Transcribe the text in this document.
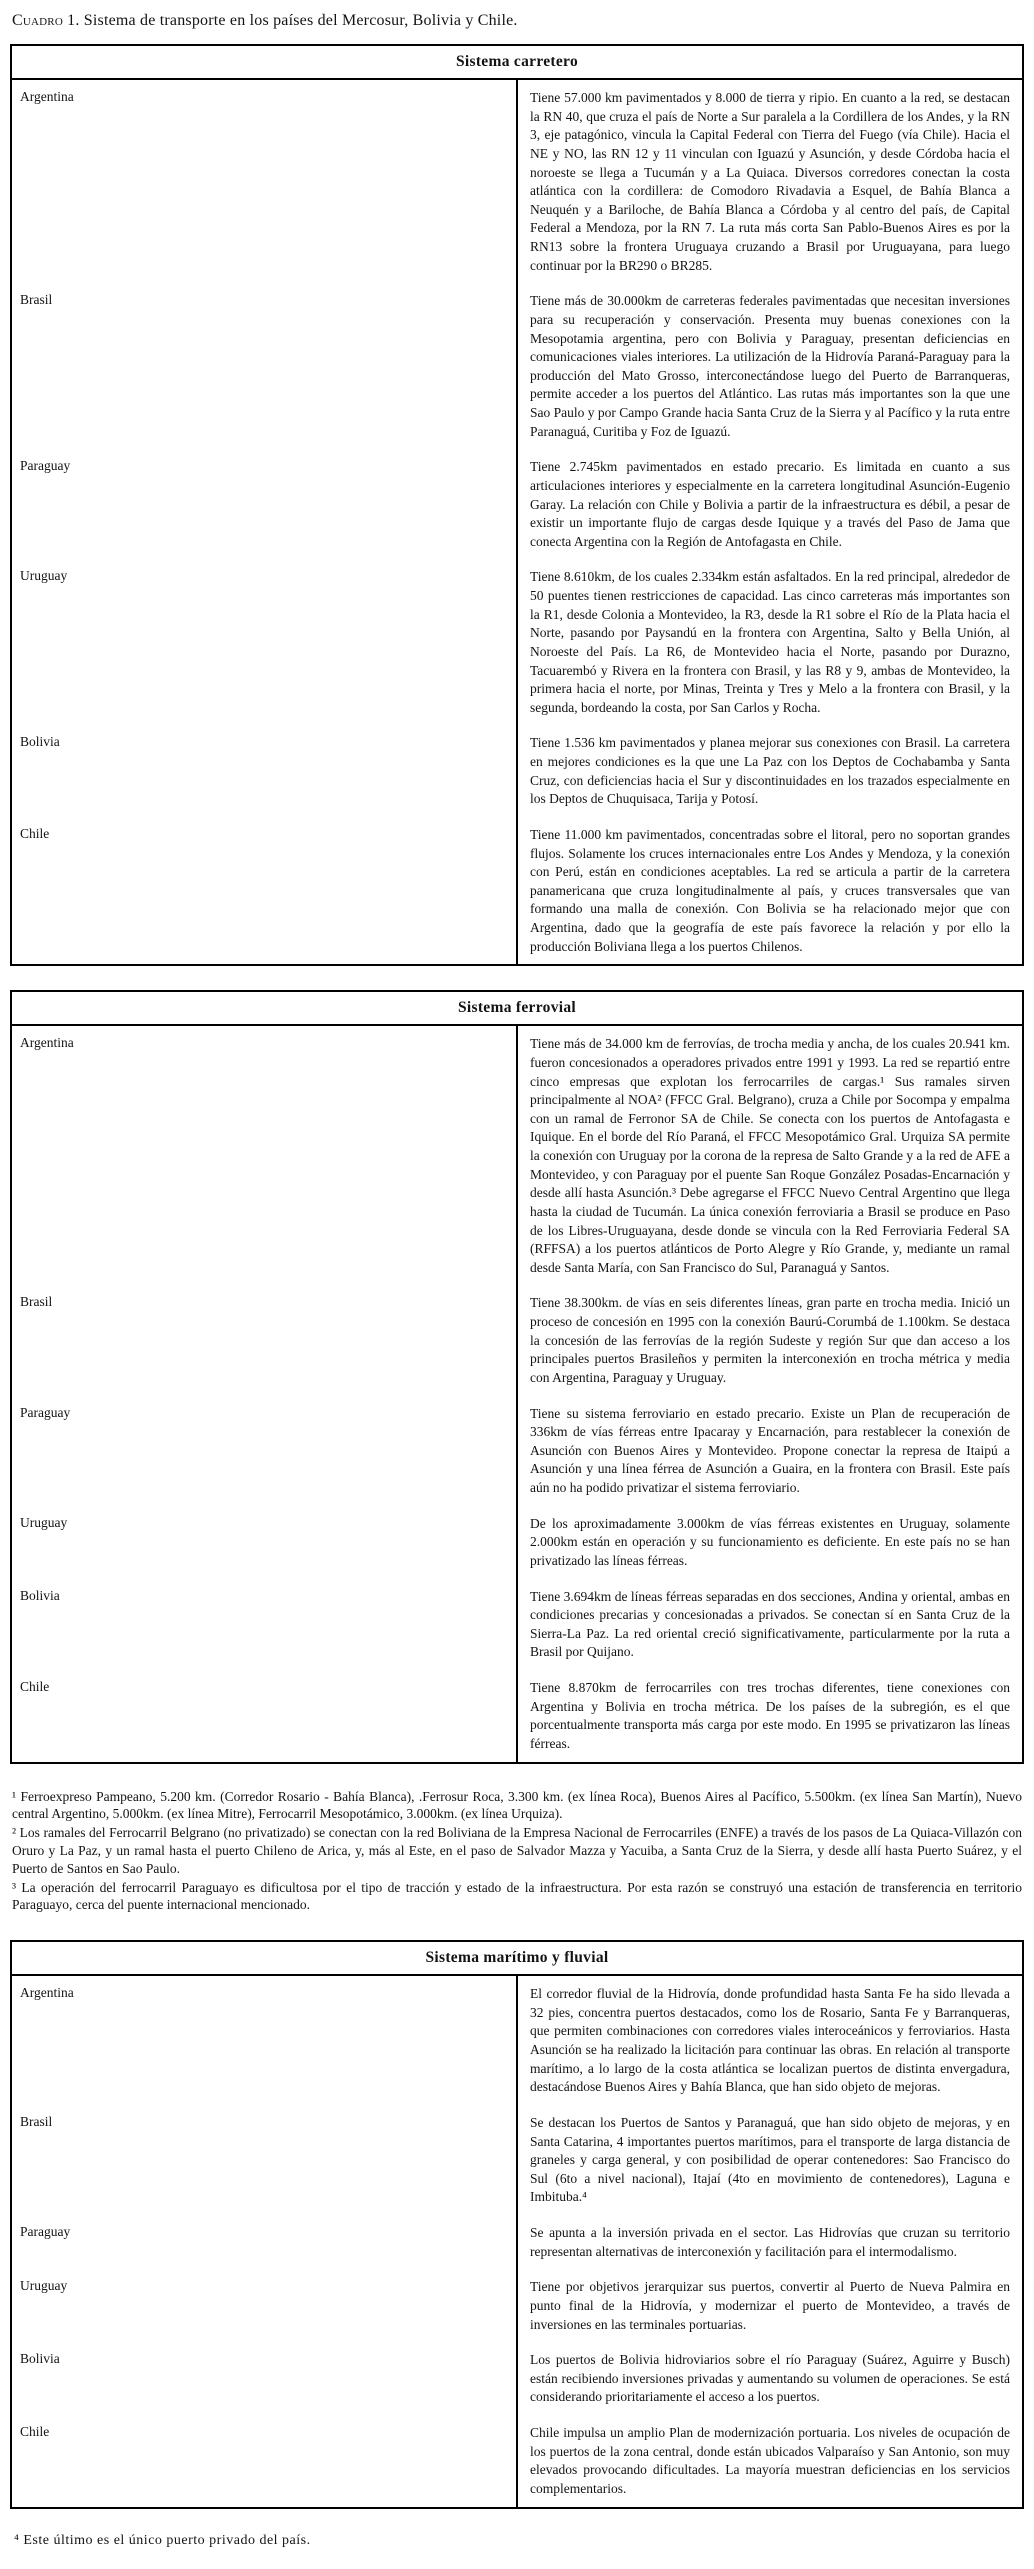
Cuadro 1. Sistema de transporte en los países del Mercosur, Bolivia y Chile.
Sistema carretero	
Argentina	Tiene 57.000 km pavimentados y 8.000 de tierra y ripio. En cuanto a la red, se destacan la RN 40, que cruza el país de Norte a Sur paralela a la Cordillera de los Andes, y la RN 3, eje patagónico, vincula la Capital Federal con Tierra del Fuego (vía Chile). Hacia el NE y NO, las RN 12 y 11 vinculan con Iguazú y Asunción, y desde Córdoba hacia el noroeste se llega a Tucumán y a La Quiaca. Diversos corredores conectan la costa atlántica con la cordillera: de Comodoro Rivadavia a Esquel, de Bahía Blanca a Neuquén y a Bariloche, de Bahía Blanca a Córdoba y al centro del país, de Capital Federal a Mendoza, por la RN 7. La ruta más corta San Pablo-Buenos Aires es por la RN13 sobre la frontera Uruguaya cruzando a Brasil por Uruguayana, para luego continuar por la BR290 o BR285.
Brasil	Tiene más de 30.000km de carreteras federales pavimentadas que necesitan inversiones para su recuperación y conservación. Presenta muy buenas conexiones con la Mesopotamia argentina, pero con Bolivia y Paraguay, presentan deficiencias en comunicaciones viales interiores. La utilización de la Hidrovía Paraná-Paraguay para la producción del Mato Grosso, interconectándose luego del Puerto de Barranqueras, permite acceder a los puertos del Atlántico. Las rutas más importantes son la que une Sao Paulo y por Campo Grande hacia Santa Cruz de la Sierra y al Pacífico y la ruta entre Paranaguá, Curitiba y Foz de Iguazú.
Paraguay	Tiene 2.745km pavimentados en estado precario. Es limitada en cuanto a sus articulaciones interiores y especialmente en la carretera longitudinal Asunción-Eugenio Garay. La relación con Chile y Bolivia a partir de la infraestructura es débil, a pesar de existir un importante flujo de cargas desde Iquique y a través del Paso de Jama que conecta Argentina con la Región de Antofagasta en Chile.
Uruguay	Tiene 8.610km, de los cuales 2.334km están asfaltados. En la red principal, alrededor de 50 puentes tienen restricciones de capacidad. Las cinco carreteras más importantes son la R1, desde Colonia a Montevideo, la R3, desde la R1 sobre el Río de la Plata hacia el Norte, pasando por Paysandú en la frontera con Argentina, Salto y Bella Unión, al Noroeste del País. La R6, de Montevideo hacia el Norte, pasando por Durazno, Tacuarembó y Rivera en la frontera con Brasil, y las R8 y 9, ambas de Montevideo, la primera hacia el norte, por Minas, Treinta y Tres y Melo a la frontera con Brasil, y la segunda, bordeando la costa, por San Carlos y Rocha.
Bolivia	Tiene 1.536 km pavimentados y planea mejorar sus conexiones con Brasil. La carretera en mejores condiciones es la que une La Paz con los Deptos de Cochabamba y Santa Cruz, con deficiencias hacia el Sur y discontinuidades en los trazados especialmente en los Deptos de Chuquisaca, Tarija y Potosí.
Chile	Tiene 11.000 km pavimentados, concentradas sobre el litoral, pero no soportan grandes flujos. Solamente los cruces internacionales entre Los Andes y Mendoza, y la conexión con Perú, están en condiciones aceptables. La red se articula a partir de la carretera panamericana que cruza longitudinalmente al país, y cruces transversales que van formando una malla de conexión. Con Bolivia se ha relacionado mejor que con Argentina, dado que la geografía de este país favorece la relación y por ello la producción Boliviana llega a los puertos Chilenos.
Sistema ferrovial	
Argentina	Tiene más de 34.000 km de ferrovías, de trocha media y ancha, de los cuales 20.941 km. fueron concesionados a operadores privados entre 1991 y 1993. La red se repartió entre cinco empresas que explotan los ferrocarriles de cargas.¹ Sus ramales sirven principalmente al NOA² (FFCC Gral. Belgrano), cruza a Chile por Socompa y empalma con un ramal de Ferronor SA de Chile. Se conecta con los puertos de Antofagasta e Iquique. En el borde del Río Paraná, el FFCC Mesopotámico Gral. Urquiza SA permite la conexión con Uruguay por la corona de la represa de Salto Grande y a la red de AFE a Montevideo, y con Paraguay por el puente San Roque González Posadas-Encarnación y desde allí hasta Asunción.³ Debe agregarse el FFCC Nuevo Central Argentino que llega hasta la ciudad de Tucumán. La única conexión ferroviaria a Brasil se produce en Paso de los Libres-Uruguayana, desde donde se vincula con la Red Ferroviaria Federal SA (RFFSA) a los puertos atlánticos de Porto Alegre y Río Grande, y, mediante un ramal desde Santa María, con San Francisco do Sul, Paranaguá y Santos.
Brasil	Tiene 38.300km. de vías en seis diferentes líneas, gran parte en trocha media. Inició un proceso de concesión en 1995 con la conexión Baurú-Corumbá de 1.100km. Se destaca la concesión de las ferrovías de la región Sudeste y región Sur que dan acceso a los principales puertos Brasileños y permiten la interconexión en trocha métrica y media con Argentina, Paraguay y Uruguay.
Paraguay	Tiene su sistema ferroviario en estado precario. Existe un Plan de recuperación de 336km de vías férreas entre Ipacaray y Encarnación, para restablecer la conexión de Asunción con Buenos Aires y Montevideo. Propone conectar la represa de Itaipú a Asunción y una línea férrea de Asunción a Guaira, en la frontera con Brasil. Este país aún no ha podido privatizar el sistema ferroviario.
Uruguay	De los aproximadamente 3.000km de vías férreas existentes en Uruguay, solamente 2.000km están en operación y su funcionamiento es deficiente. En este país no se han privatizado las líneas férreas.
Bolivia	Tiene 3.694km de líneas férreas separadas en dos secciones, Andina y oriental, ambas en condiciones precarias y concesionadas a privados. Se conectan sí en Santa Cruz de la Sierra-La Paz. La red oriental creció significativamente, particularmente por la ruta a Brasil por Quijano.
Chile	Tiene 8.870km de ferrocarriles con tres trochas diferentes, tiene conexiones con Argentina y Bolivia en trocha métrica. De los países de la subregión, es el que porcentualmente transporta más carga por este modo. En 1995 se privatizaron las líneas férreas.

¹ Ferroexpreso Pampeano, 5.200 km. (Corredor Rosario - Bahía Blanca), .Ferrosur Roca, 3.300 km. (ex línea Roca), Buenos Aires al Pacífico, 5.500km. (ex línea San Martín), Nuevo central Argentino, 5.000km. (ex línea Mitre), Ferrocarril Mesopotámico, 3.000km. (ex línea Urquiza).

² Los ramales del Ferrocarril Belgrano (no privatizado) se conectan con la red Boliviana de la Empresa Nacional de Ferrocarriles (ENFE) a través de los pasos de La Quiaca-Villazón con Oruro y La Paz, y un ramal hasta el puerto Chileno de Arica, y, más al Este, en el paso de Salvador Mazza y Yacuiba, a Santa Cruz de la Sierra, y desde allí hasta Puerto Suárez, y el Puerto de Santos en Sao Paulo.

³ La operación del ferrocarril Paraguayo es dificultosa por el tipo de tracción y estado de la infraestructura. Por esta razón se construyó una estación de transferencia en territorio Paraguayo, cerca del puente internacional mencionado.

Sistema marítimo y fluvial	
Argentina	El corredor fluvial de la Hidrovía, donde profundidad hasta Santa Fe ha sido llevada a 32 pies, concentra puertos destacados, como los de Rosario, Santa Fe y Barranqueras, que permiten combinaciones con corredores viales interoceánicos y ferroviarios. Hasta Asunción se ha realizado la licitación para continuar las obras. En relación al transporte marítimo, a lo largo de la costa atlántica se localizan puertos de distinta envergadura, destacándose Buenos Aires y Bahía Blanca, que han sido objeto de mejoras.
Brasil	Se destacan los Puertos de Santos y Paranaguá, que han sido objeto de mejoras, y en Santa Catarina, 4 importantes puertos marítimos, para el transporte de larga distancia de graneles y carga general, y con posibilidad de operar contenedores: Sao Francisco do Sul (6to a nivel nacional), Itajaí (4to en movimiento de contenedores), Laguna e Imbituba.⁴
Paraguay	Se apunta a la inversión privada en el sector. Las Hidrovías que cruzan su territorio representan alternativas de interconexión y facilitación para el intermodalismo.
Uruguay	Tiene por objetivos jerarquizar sus puertos, convertir al Puerto de Nueva Palmira en punto final de la Hidrovía, y modernizar el puerto de Montevideo, a través de inversiones en las terminales portuarias.
Bolivia	Los puertos de Bolivia hidroviarios sobre el río Paraguay (Suárez, Aguirre y Busch) están recibiendo inversiones privadas y aumentando su volumen de operaciones. Se está considerando prioritariamente el acceso a los puertos.
Chile	Chile impulsa un amplio Plan de modernización portuaria. Los niveles de ocupación de los puertos de la zona central, donde están ubicados Valparaíso y San Antonio, son muy elevados provocando dificultades. La mayoría muestran deficiencias en los servicios complementarios.

⁴ Este último es el único puerto privado del país.
